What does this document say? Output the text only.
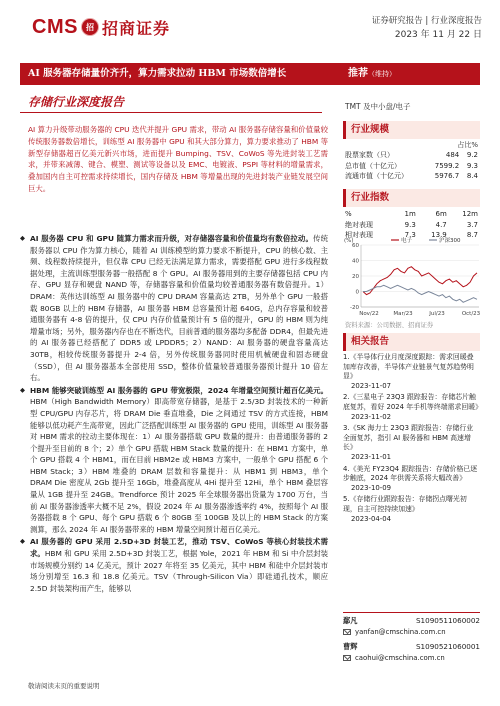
CMS	招 招商证券	证券研究报告 | 行业深度报告
2023 年 11 月 22 日
AI 服务器存储量价齐升，算力需求拉动 HBM 市场数倍增长	推荐（维持）
存储行业深度报告
AI 算力升级带动服务器的 CPU 迭代并提升 GPU 需求，带动 AI 服务器存储容量和价值量较传统服务器数倍增长，训练型 AI 服务器中 GPU 和其大部分算力，算力要求推动了 HBM 等新型存储器超百亿美元新兴市场，进而提升 Bumping、TSV、CoWoS 等先进封装工艺需求，并带来减薄、键合、模塑、测试等设备以及 EMC、电镀液、PSPI 等材料的增量需求，叠加国内自主可控需求持续增长，国内存储及 HBM 等增量出现的先进封装产业链发展空间巨大。

◆ AI 服务器 CPU 和 GPU 随算力需求而升级，对存储器容量和价值量均有数倍拉动。传统服务器以 CPU 作为算力核心，随着 AI 训练模型的算力要求不断提升，CPU 的核心数、主频、线程数持续提升，但仅靠 CPU 已经无法满足算力需求，需要搭配 GPU 进行多线程数据处理，主流训练型服务器一般搭配 8 个 GPU。AI 服务器用到的主要存储器包括 CPU 内存、GPU 显存和硬盘 NAND 等，存储器容量和价值量均较普通服务器有数倍提升。1）DRAM：英伟达训练型 AI 服务器中的 CPU DRAM 容量高达 2TB，另外单个 GPU 一般搭载 80GB 以上的 HBM 存储器，AI 服务器 HBM 总容量预计超 640G，总内存容量和较普通服务器有 4-8 倍的提升，仅 CPU 内存价值量预计有 5 倍的提升，GPU 的 HBM 则为纯增量市场；另外，服务器内存也在不断迭代，目前普通的服务器均多配备 DDR4，但最先进的 AI 服务器已经搭配了 DDR5 或 LPDDR5；2）NAND：AI 服务器的硬盘容量高达 30TB，相较传统服务器提升 2-4 倍，另外传统服务器同时使用机械硬盘和固态硬盘（SSD），但 AI 服务器基本全部使用 SSD，整体价值量较普通服务器预计提升 10 倍左右。

◆ HBM 能够突破训练型 AI 服务器的 GPU 带宽极限，2024 年增量空间预计超百亿美元。HBM（High Bandwidth Memory）即高带宽存储器，是基于 2.5/3D 封装技术的一种新型 CPU/GPU 内存芯片，将 DRAM Die 垂直堆叠，Die 之间通过 TSV 的方式连接，HBM 能够以低功耗产生高带宽，因此广泛搭配训练型 AI 服务器的 GPU 使用，训练型 AI 服务器对 HBM 需求的拉动主要体现在：1）AI 服务器搭载 GPU 数量的提升：由普通服务器的 2 个提升至目前的 8 个；2）单个 GPU 搭载 HBM Stack 数量的提升：在 HBM1 方案中，单个 GPU 搭载 4 个 HBM1，而在目前 HBM2e 或 HBM3 方案中，一般单个 GPU 搭配 6 个 HBM Stack；3）HBM 堆叠的 DRAM 层数和容量提升：从 HBM1 到 HBM3，单个 DRAM Die 密度从 2Gb 提升至 16Gb，堆叠高度从 4Hi 提升至 12Hi，单个 HBM 叠层容量从 1GB 提升至 24GB。Trendforce 预计 2025 年全球服务器出货量为 1700 万台，当前 AI 服务器渗透率大概不足 2%，假设 2024 年 AI 服务器渗透率约 4%，按照每个 AI 服务器搭载 8 个 GPU、每个 GPU 搭载 6 个 80GB 至 100GB 及以上的 HBM Stack 的方案测算，那么 2024 年 AI 服务器带来的 HBM 增量空间预计超百亿美元。

◆ AI 服务器的 GPU 采用 2.5D+3D 封装工艺，推动 TSV、CoWoS 等核心封装技术需求。HBM 和 GPU 采用 2.5D+3D 封装工艺，根据 Yole，2021 年 HBM 和 Si 中介层封装市场规模分别约 14 亿美元，预计 2027 年将至 35 亿美元，其中 HBM 和硅中介层封装市场分别增至 16.3 和 18.8 亿美元。TSV（Through-Silicon Via）即硅通孔技术，顺应 2.5D 封装架构而产生，能够以

敬请阅读末页的重要说明
TMT 及中小盘/电子
行业规模
占比%
股票家数（只）	484	9.2
总市值（十亿元）	7599.2	9.3
流通市值（十亿元）	5976.7	8.4
行业指数
%	1m	6m	12m
绝对表现	9.3	4.7	3.7
相对表现	7.3	13.9	8.7
(%)
60
40
20
0
-20
Nov/22	Mar/23	Jul/23	Oct/23
电子	沪深300
资料来源：公司数据、招商证券
相关报告
1.《半导体行业月度深度跟踪：需求回暖叠加库存改善，半导体产业链景气复苏趋势明显》
2023-11-07
2.《三星电子 23Q3 跟踪报告：存储芯片触底复苏，看好 2024 年手机等终端需求回暖》
2023-11-02
3.《SK 海力士 23Q3 跟踪报告：存储行业全面复苏，指引 AI 服务器和 HBM 高速增长》
2023-11-01
4.《美光 FY23Q4 跟踪报告：存储价格已逐步触底，2024 年供需关系将大幅改善》
2023-10-09
5.《存储行业跟踪报告：存储拐点曙光初现，自主可控持续加速》
2023-04-04
鄢凡	S1090511060002
yanfan@cmschina.com.cn
曹辉	S1090521060001
caohui@cmschina.com.cn
